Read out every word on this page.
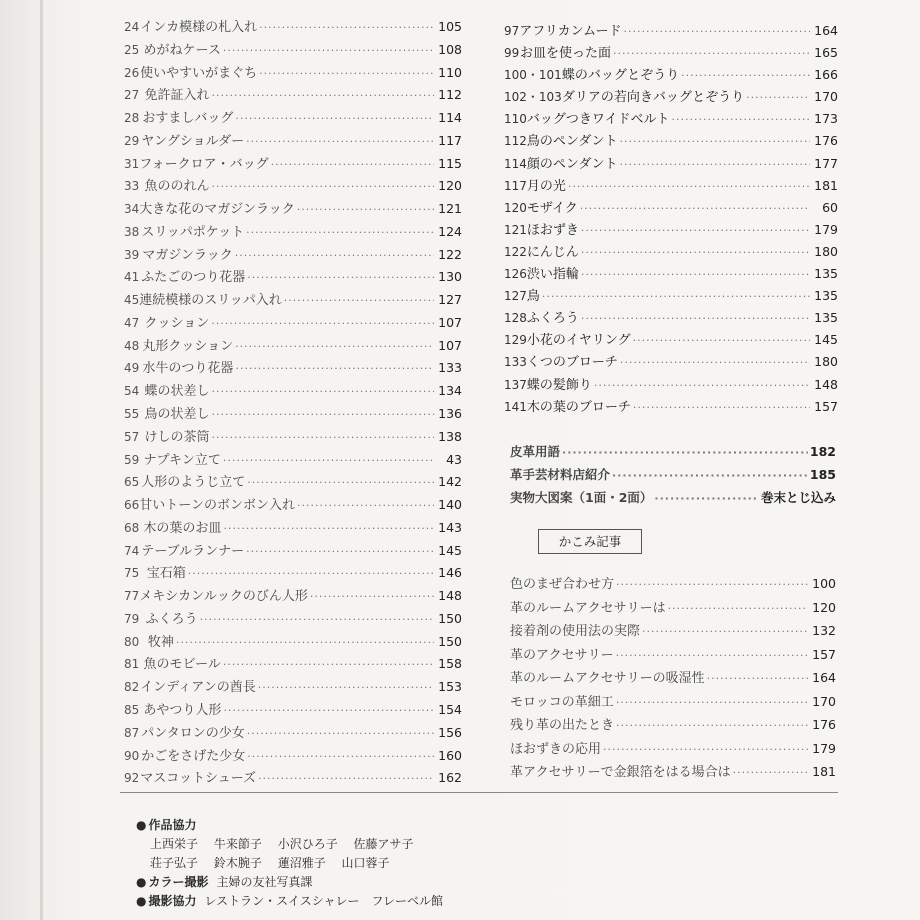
24 インカ模様の札入れ ·····	105
25 めがねケース ·····	108
26 使いやすいがまぐち ·····	110
27 免許証入れ ·····	112
28 おすましバッグ ·····	114
29 ヤングショルダー ·····	117
31 フォークロア・バッグ ·····	115
33 魚ののれん ·····	120
34 大きな花のマガジンラック ·····	121
38 スリッパポケット ·····	124
39 マガジンラック ·····	122
41 ふたごのつり花器 ·····	130
45 連続模様のスリッパ入れ ·····	127
47 クッション ·····	107
48 丸形クッション ·····	107
49 水牛のつり花器 ·····	133
54 蝶の状差し ·····	134
55 鳥の状差し ·····	136
57 けしの茶筒 ·····	138
59 ナプキン立て ·····	43
65 人形のようじ立て ·····	142
66 甘いトーンのボンボン入れ ·····	140
68 木の葉のお皿 ·····	143
74 テーブルランナー ·····	145
75 宝石箱 ·····	146
77 メキシカンルックのびん人形 ·····	148
79 ふくろう ·····	150
80 牧神 ·····	150
81 魚のモビール ·····	158
82 インディアンの酋長 ·····	153
85 あやつり人形 ·····	154
87 パンタロンの少女 ·····	156
90 かごをさげた少女 ·····	160
92 マスコットシューズ ·····	162
97 アフリカンムード ·····	164
99 お皿を使った面 ·····	165
100・101 蝶のバッグとぞうり ·····	166
102・103 ダリアの若向きバッグとぞうり ·····	170
110 バッグつきワイドベルト ·····	173
112 鳥のペンダント ·····	176
114 顔のペンダント ·····	177
117 月の光 ·····	181
120 モザイク ·····	60
121 ほおずき ·····	179
122 にんじん ·····	180
126 渋い指輪 ·····	135
127 鳥 ·····	135
128 ふくろう ·····	135
129 小花のイヤリング ·····	145
133 くつのブローチ ·····	180
137 蝶の髪飾り ·····	148
141 木の葉のブローチ ·····	157
皮革用語 ·····	182
革手芸材料店紹介 ·····	185
実物大図案（1面・2面） ·····	巻末とじ込み
かこみ記事
色のまぜ合わせ方 ·····	100
革のルームアクセサリーは ·····	120
接着剤の使用法の実際 ·····	132
革のアクセサリー ·····	157
革のルームアクセサリーの吸湿性 ·····	164
モロッコの革細工 ·····	170
残り革の出たとき ·····	176
ほおずきの応用 ·····	179
革アクセサリーで金銀箔をはる場合は ·····	181
● 作品協力
上西栄子 牛来節子 小沢ひろ子 佐藤アサ子
荘子弘子 鈴木腕子 蓮沼雅子 山口蓉子
● カラー撮影 主婦の友社写真課
● 撮影協力 レストラン・スイスシャレー　フレーベル館
